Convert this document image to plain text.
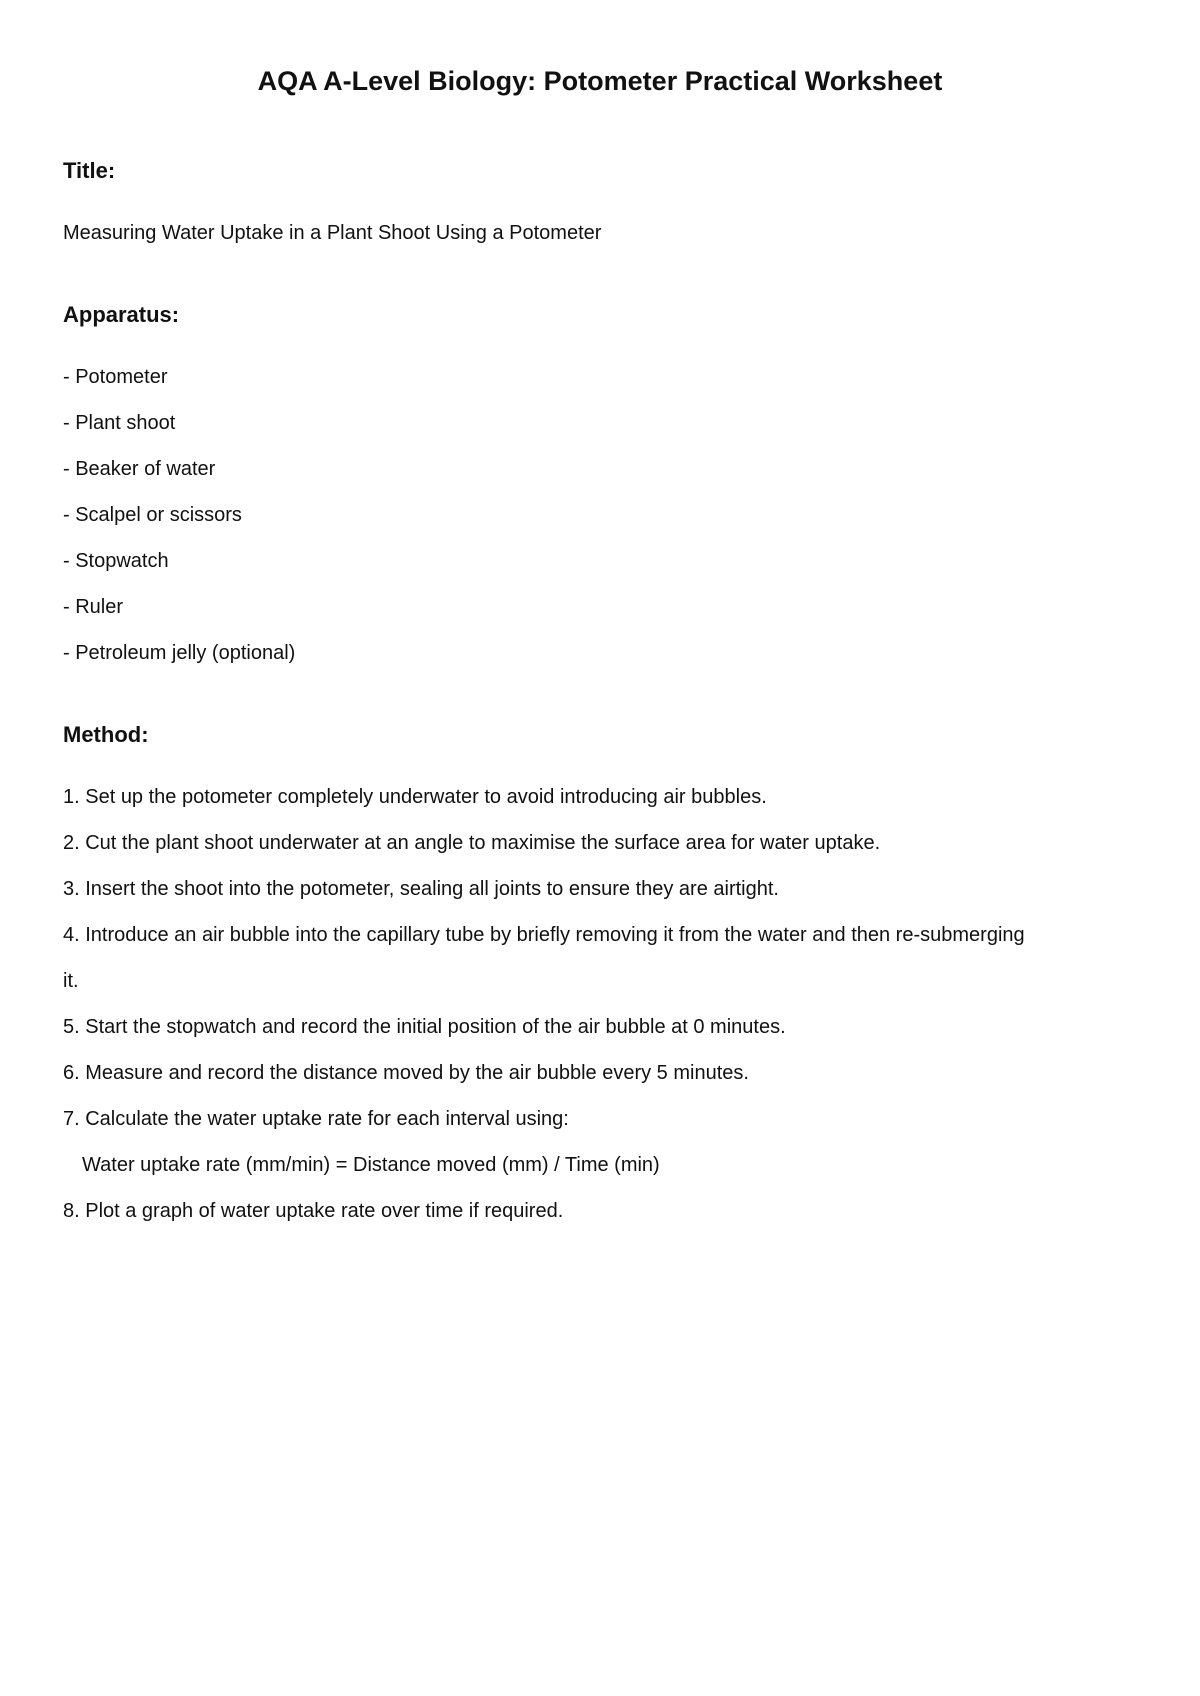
AQA A-Level Biology: Potometer Practical Worksheet
Title:

Measuring Water Uptake in a Plant Shoot Using a Potometer

Apparatus:

- Potometer

- Plant shoot

- Beaker of water

- Scalpel or scissors

- Stopwatch

- Ruler

- Petroleum jelly (optional)

Method:

1. Set up the potometer completely underwater to avoid introducing air bubbles.

2. Cut the plant shoot underwater at an angle to maximise the surface area for water uptake.

3. Insert the shoot into the potometer, sealing all joints to ensure they are airtight.

4. Introduce an air bubble into the capillary tube by briefly removing it from the water and then re-submerging

it.

5. Start the stopwatch and record the initial position of the air bubble at 0 minutes.

6. Measure and record the distance moved by the air bubble every 5 minutes.

7. Calculate the water uptake rate for each interval using:

Water uptake rate (mm/min) = Distance moved (mm) / Time (min)

8. Plot a graph of water uptake rate over time if required.
